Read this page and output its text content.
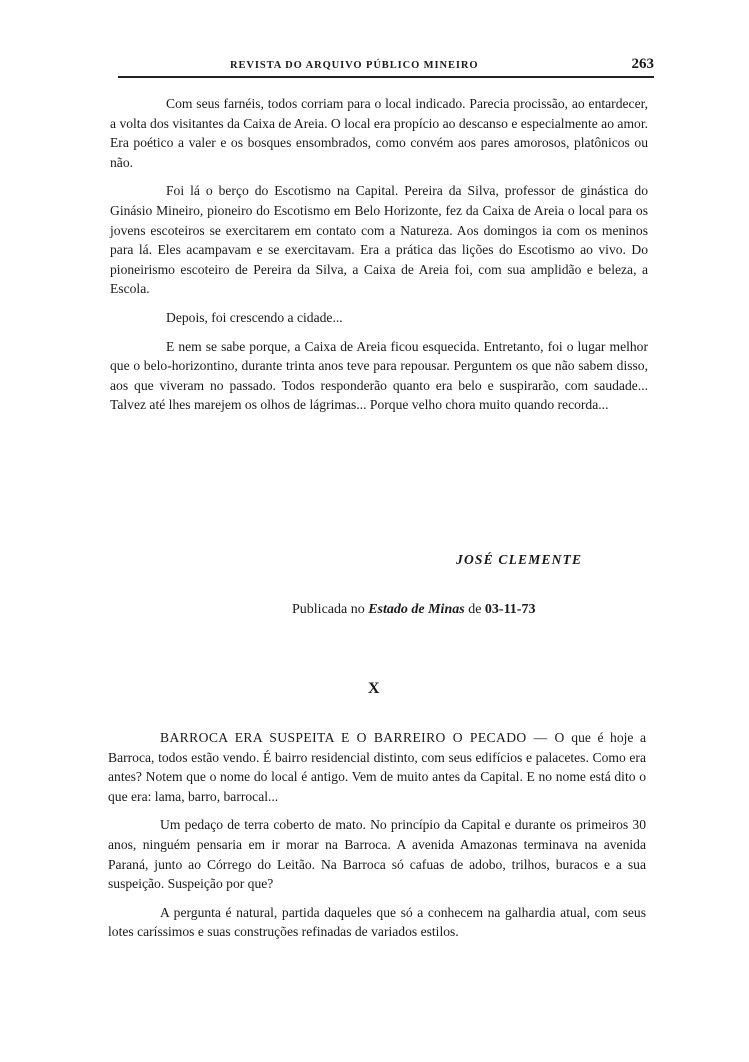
REVISTA DO ARQUIVO PÚBLICO MINEIRO	263

Com seus farnéis, todos corriam para o local indicado. Parecia procissão, ao entardecer, a volta dos visitantes da Caixa de Areia. O local era propício ao descanso e especialmente ao amor. Era poético a valer e os bosques ensombrados, como convém aos pares amorosos, platônicos ou não.

Foi lá o berço do Escotismo na Capital. Pereira da Silva, professor de ginástica do Ginásio Mineiro, pioneiro do Escotismo em Belo Horizonte, fez da Caixa de Areia o local para os jovens escoteiros se exercitarem em contato com a Natureza. Aos domingos ia com os meninos para lá. Eles acampavam e se exercitavam. Era a prática das lições do Escotismo ao vivo. Do pioneirismo escoteiro de Pereira da Silva, a Caixa de Areia foi, com sua amplidão e beleza, a Escola.

Depois, foi crescendo a cidade...

E nem se sabe porque, a Caixa de Areia ficou esquecida. Entretanto, foi o lugar melhor que o belo-horizontino, durante trinta anos teve para repousar. Perguntem os que não sabem disso, aos que viveram no passado. Todos responderão quanto era belo e suspirarão, com saudade... Talvez até lhes marejem os olhos de lágrimas... Porque velho chora muito quando recorda...

JOSÉ CLEMENTE
Publicada no Estado de Minas de 03-11-73
X

BARROCA ERA SUSPEITA E O BARREIRO O PECADO — O que é hoje a Barroca, todos estão vendo. É bairro residencial distinto, com seus edifícios e palacetes. Como era antes? Notem que o nome do local é antigo. Vem de muito antes da Capital. E no nome está dito o que era: lama, barro, barrocal...

Um pedaço de terra coberto de mato. No princípio da Capital e durante os primeiros 30 anos, ninguém pensaria em ir morar na Barroca. A avenida Amazonas terminava na avenida Paraná, junto ao Córrego do Leitão. Na Barroca só cafuas de adobo, trilhos, buracos e a sua suspeição. Suspeição por que?

A pergunta é natural, partida daqueles que só a conhecem na galhardia atual, com seus lotes caríssimos e suas construções refinadas de variados estilos.
